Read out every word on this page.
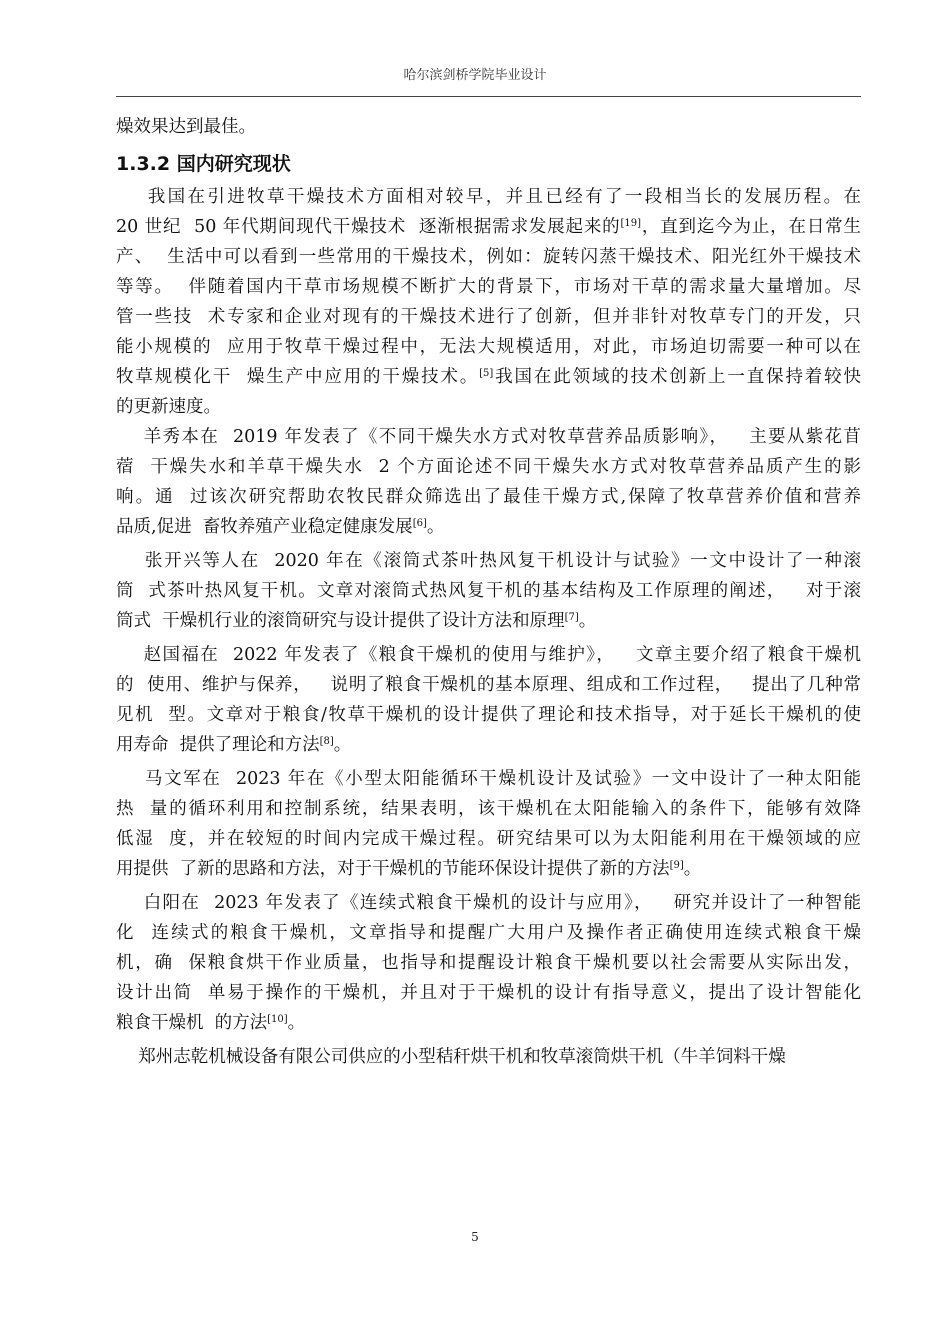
哈尔滨剑桥学院毕业设计
燥效果达到最佳。
1.3.2 国内研究现状
我国在引进牧草干燥技术方面相对较早，并且已经有了一段相当长的发展历程。在
20 世纪  50 年代期间现代干燥技术  逐渐根据需求发展起来的[19]，直到迄今为止，在日常生
产、  生活中可以看到一些常用的干燥技术，例如：旋转闪蒸干燥技术、阳光红外干燥技术
等等。  伴随着国内干草市场规模不断扩大的背景下，市场对干草的需求量大量增加。尽
管一些技  术专家和企业对现有的干燥技术进行了创新，但并非针对牧草专门的开发，只
能小规模的  应用于牧草干燥过程中，无法大规模适用，对此，市场迫切需要一种可以在
牧草规模化干  燥生产中应用的干燥技术。[5]我国在此领域的技术创新上一直保持着较快
的更新速度。
羊秀本在  2019 年发表了《不同干燥失水方式对牧草营养品质影响》，   主要从紫花苜
蓿  干燥失水和羊草干燥失水  2 个方面论述不同干燥失水方式对牧草营养品质产生的影
响。通  过该次研究帮助农牧民群众筛选出了最佳干燥方式,保障了牧草营养价值和营养
品质,促进  畜牧养殖产业稳定健康发展[6]。
张开兴等人在  2020 年在《滚筒式茶叶热风复干机设计与试验》一文中设计了一种滚
筒  式茶叶热风复干机。文章对滚筒式热风复干机的基本结构及工作原理的阐述，   对于滚
筒式  干燥机行业的滚筒研究与设计提供了设计方法和原理[7]。
赵国福在  2022 年发表了《粮食干燥机的使用与维护》，   文章主要介绍了粮食干燥机
的  使用、维护与保养，   说明了粮食干燥机的基本原理、组成和工作过程，   提出了几种常
见机  型。文章对于粮食/牧草干燥机的设计提供了理论和技术指导，对于延长干燥机的使
用寿命  提供了理论和方法[8]。
马文军在  2023 年在《小型太阳能循环干燥机设计及试验》一文中设计了一种太阳能
热  量的循环利用和控制系统，结果表明，该干燥机在太阳能输入的条件下，能够有效降
低湿  度，并在较短的时间内完成干燥过程。研究结果可以为太阳能利用在干燥领域的应
用提供  了新的思路和方法，对于干燥机的节能环保设计提供了新的方法[9]。
白阳在  2023 年发表了《连续式粮食干燥机的设计与应用》，   研究并设计了一种智能
化  连续式的粮食干燥机，文章指导和提醒广大用户及操作者正确使用连续式粮食干燥
机，确  保粮食烘干作业质量，也指导和提醒设计粮食干燥机要以社会需要从实际出发，
设计出简  单易于操作的干燥机，并且对于干燥机的设计有指导意义，提出了设计智能化
粮食干燥机  的方法[10]。
郑州志乾机械设备有限公司供应的小型秸秆烘干机和牧草滚筒烘干机（牛羊饲料干燥
5
